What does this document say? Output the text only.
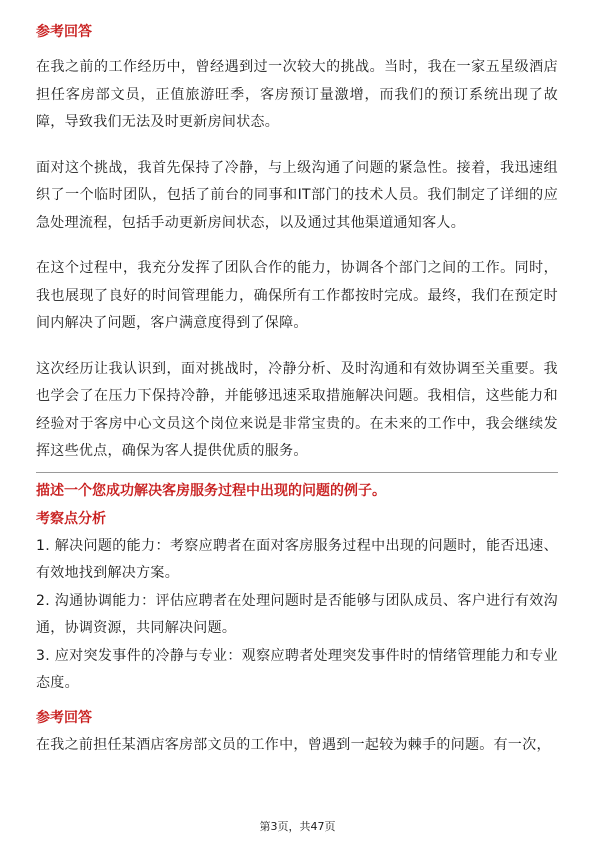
参考回答

在我之前的工作经历中，曾经遇到过一次较大的挑战。当时，我在一家五星级酒店担任客房部文员，正值旅游旺季，客房预订量激增，而我们的预订系统出现了故障，导致我们无法及时更新房间状态。

面对这个挑战，我首先保持了冷静，与上级沟通了问题的紧急性。接着，我迅速组织了一个临时团队，包括了前台的同事和IT部门的技术人员。我们制定了详细的应急处理流程，包括手动更新房间状态，以及通过其他渠道通知客人。

在这个过程中，我充分发挥了团队合作的能力，协调各个部门之间的工作。同时，我也展现了良好的时间管理能力，确保所有工作都按时完成。最终，我们在预定时间内解决了问题，客户满意度得到了保障。

这次经历让我认识到，面对挑战时，冷静分析、及时沟通和有效协调至关重要。我也学会了在压力下保持冷静，并能够迅速采取措施解决问题。我相信，这些能力和经验对于客房中心文员这个岗位来说是非常宝贵的。在未来的工作中，我会继续发挥这些优点，确保为客人提供优质的服务。

描述一个您成功解决客房服务过程中出现的问题的例子。
考察点分析

1. 解决问题的能力：考察应聘者在面对客房服务过程中出现的问题时，能否迅速、有效地找到解决方案。

2. 沟通协调能力：评估应聘者在处理问题时是否能够与团队成员、客户进行有效沟通，协调资源，共同解决问题。

3. 应对突发事件的冷静与专业：观察应聘者处理突发事件时的情绪管理能力和专业态度。

参考回答

在我之前担任某酒店客房部文员的工作中，曾遇到一起较为棘手的问题。有一次，

第3页，共47页
